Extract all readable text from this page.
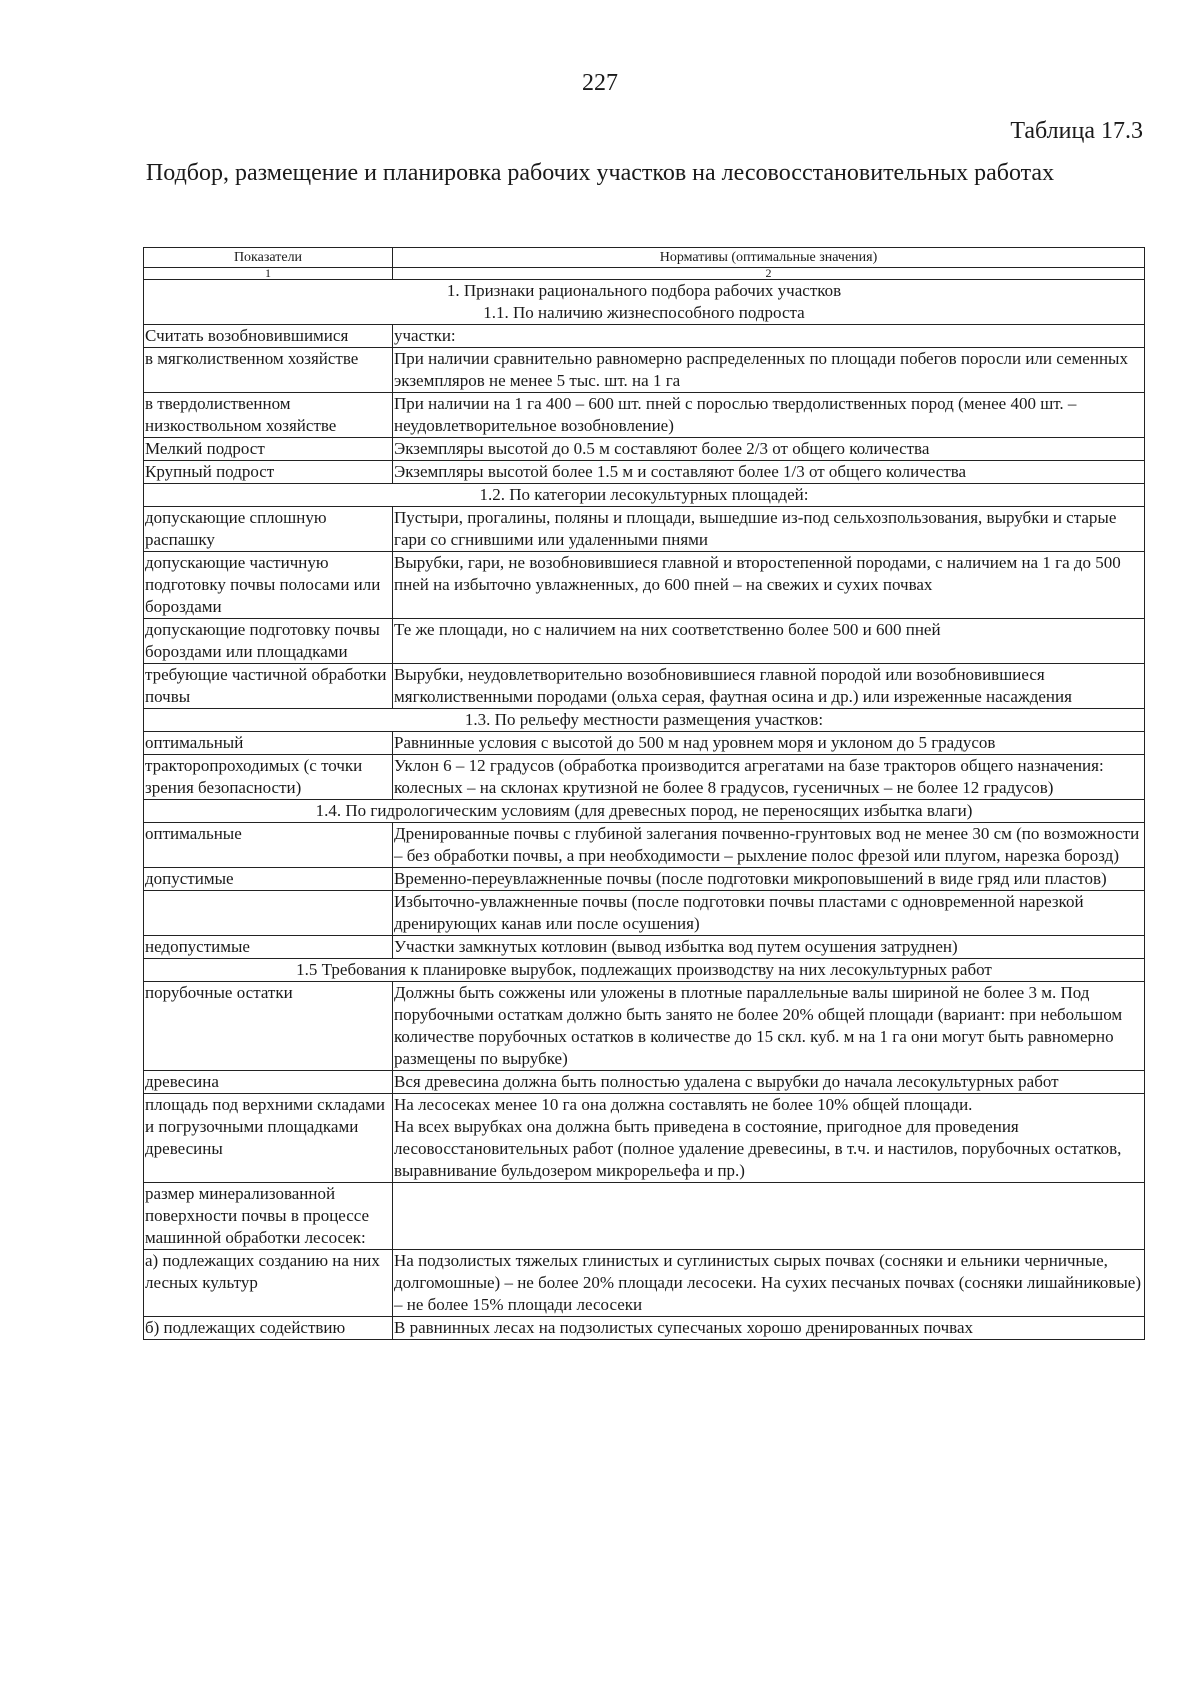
227
Таблица 17.3
Подбор, размещение и планировка рабочих участков на лесовосстановительных работах
Показатели	Нормативы (оптимальные значения)
1	2

1. Признаки рационального подбора рабочих участков
1.1. По наличию жизнеспособного подроста	

Считать возобновившимися	участки:
в мягколиственном хозяйстве	При наличии сравнительно равномерно распределенных по площади побегов поросли или семенных экземпляров не менее 5 тыс. шт. на 1 га
в твердолиственном низкоствольном хозяйстве	При наличии на 1 га 400 – 600 шт. пней с порослью твердолиственных пород (менее 400 шт. – неудовлетворительное возобновление)
Мелкий подрост	Экземпляры высотой до 0.5 м составляют более 2/3 от общего количества
Крупный подрост	Экземпляры высотой более 1.5 м и составляют более 1/3 от общего количества
1.2. По категории лесокультурных площадей:	
допускающие сплошную распашку	Пустыри, прогалины, поляны и площади, вышедшие из-под сельхозпользования, вырубки и старые гари со сгнившими или удаленными пнями
допускающие частичную подготовку почвы полосами или бороздами	Вырубки, гари, не возобновившиеся главной и второстепенной породами, с наличием на 1 га до 500 пней на избыточно увлажненных, до 600 пней – на свежих и сухих почвах
допускающие подготовку почвы бороздами или площадками	Те же площади, но с наличием на них соответственно более 500 и 600 пней
требующие частичной обработки почвы	Вырубки, неудовлетворительно возобновившиеся главной породой или возобновившиеся мягколиственными породами (ольха серая, фаутная осина и др.) или изреженные насаждения
1.3. По рельефу местности размещения участков:	
оптимальный	Равнинные условия с высотой до 500 м над уровнем моря и уклоном до 5 градусов
тракторопроходимых (с точки зрения безопасности)	Уклон 6 – 12 градусов (обработка производится агрегатами на базе тракторов общего назначения: колесных – на склонах крутизной не более 8 градусов, гусеничных – не более 12 градусов)
1.4. По гидрологическим условиям (для древесных пород, не переносящих избытка влаги)	
оптимальные	Дренированные почвы с глубиной залегания почвенно-грунтовых вод не менее 30 см (по возможности – без обработки почвы, а при необходимости – рыхление полос фрезой или плугом, нарезка борозд)
допустимые	Временно-переувлажненные почвы (после подготовки микроповышений в виде гряд или пластов)
	Избыточно-увлажненные почвы (после подготовки почвы пластами с одновременной нарезкой дренирующих канав или после осушения)
недопустимые	Участки замкнутых котловин (вывод избытка вод путем осушения затруднен)
1.5 Требования к планировке вырубок, подлежащих производству на них лесокультурных работ	
порубочные остатки	Должны быть сожжены или уложены в плотные параллельные валы шириной не более 3 м. Под порубочными остаткам должно быть занято не более 20% общей площади (вариант: при небольшом количестве порубочных остатков в количестве до 15 скл. куб. м на 1 га они могут быть равномерно размещены по вырубке)
древесина	Вся древесина должна быть полностью удалена с вырубки до начала лесокультурных работ
площадь под верхними складами и погрузочными площадками древесины	На лесосеках менее 10 га она должна составлять не более 10% общей площади.
На всех вырубках она должна быть приведена в состояние, пригодное для проведения лесовосстановительных работ (полное удаление древесины, в т.ч. и настилов, порубочных остатков, выравнивание бульдозером микрорельефа и пр.)
размер минерализованной поверхности почвы в процессе машинной обработки лесосек:	
а) подлежащих созданию на них лесных культур	На подзолистых тяжелых глинистых и суглинистых сырых почвах (сосняки и ельники черничные, долгомошные) – не более 20% площади лесосеки. На сухих песчаных почвах (сосняки лишайниковые) – не более 15% площади лесосеки
б) подлежащих содействию	В равнинных лесах на подзолистых супесчаных хорошо дренированных почвах
